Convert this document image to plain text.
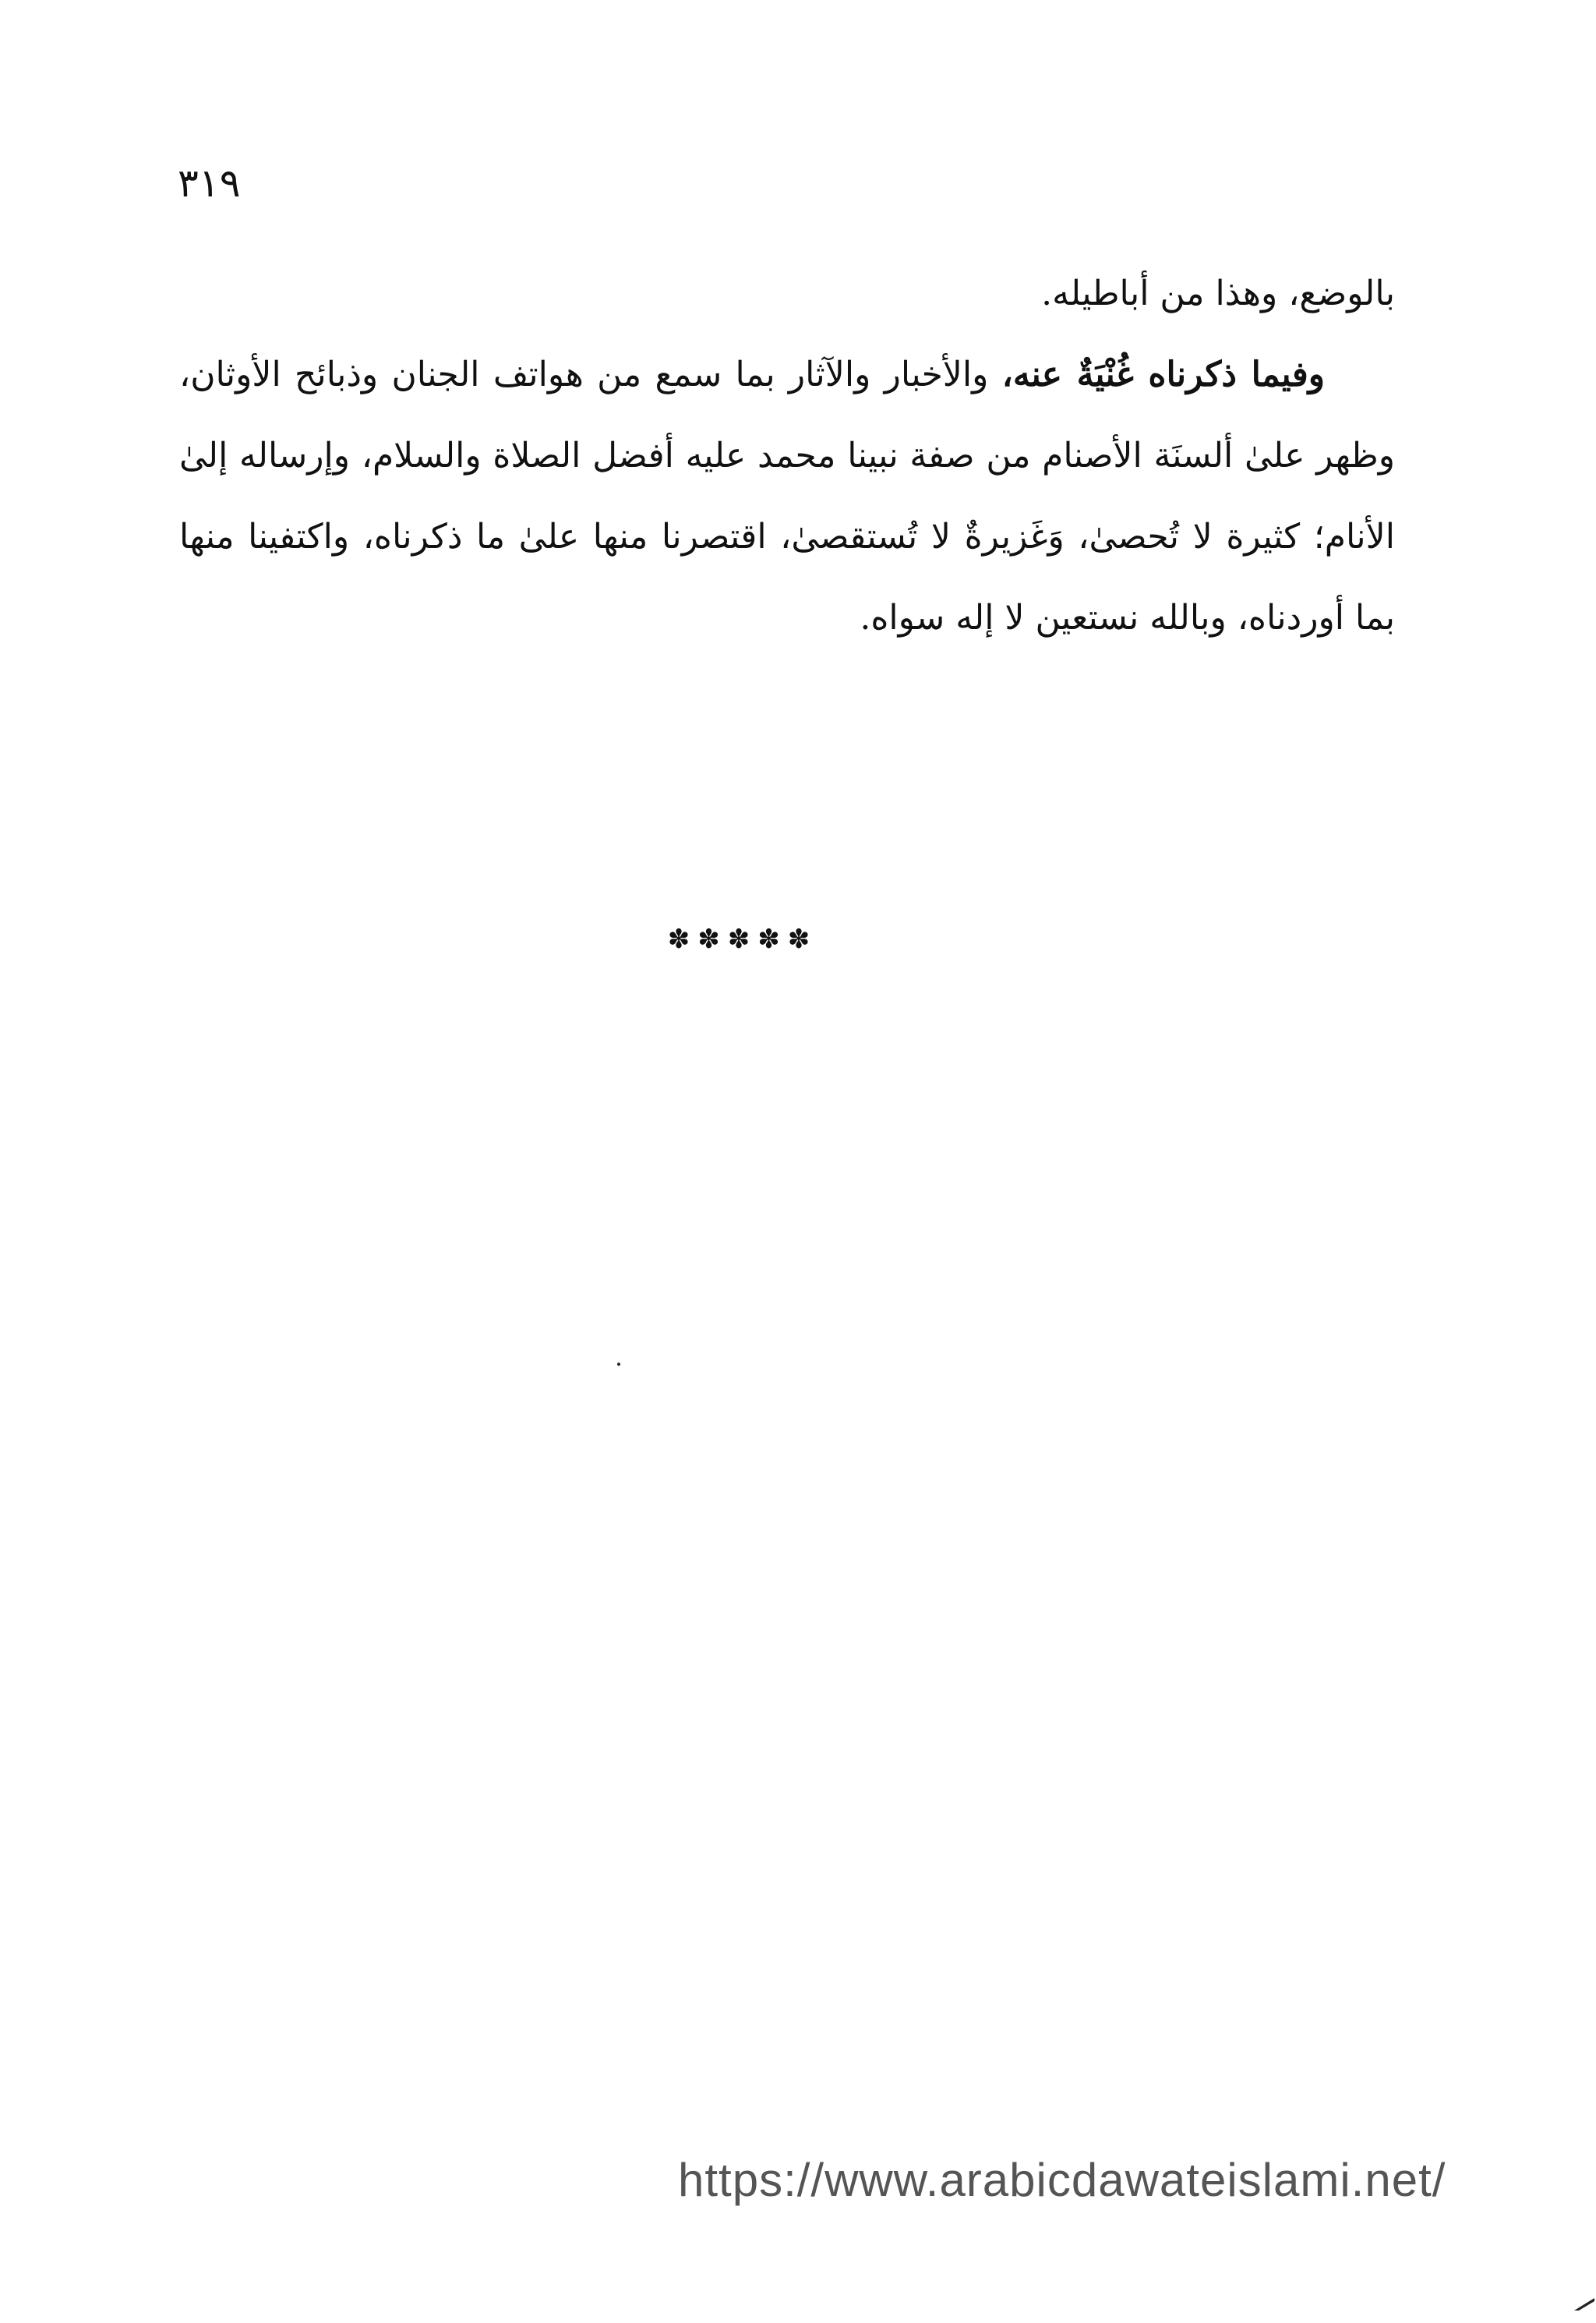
٣١٩

بالوضع، وهذا من أباطيله.

وفيما ذكرناه غُنْيَةٌ عنه، والأخبار والآثار بما سمع من هواتف الجنان وذبائح الأوثان، وظهر علىٰ ألسنَة الأصنام من صفة نبينا محمد عليه أفضل الصلاة والسلام، وإرساله إلىٰ الأنام؛ كثيرة لا تُحصىٰ، وَغَزيرةٌ لا تُستقصىٰ، اقتصرنا منها علىٰ ما ذكرناه، واكتفينا منها بما أوردناه، وبالله نستعين لا إله سواه.

✽✽✽✽✽
https://www.arabicdawateislami.net/
